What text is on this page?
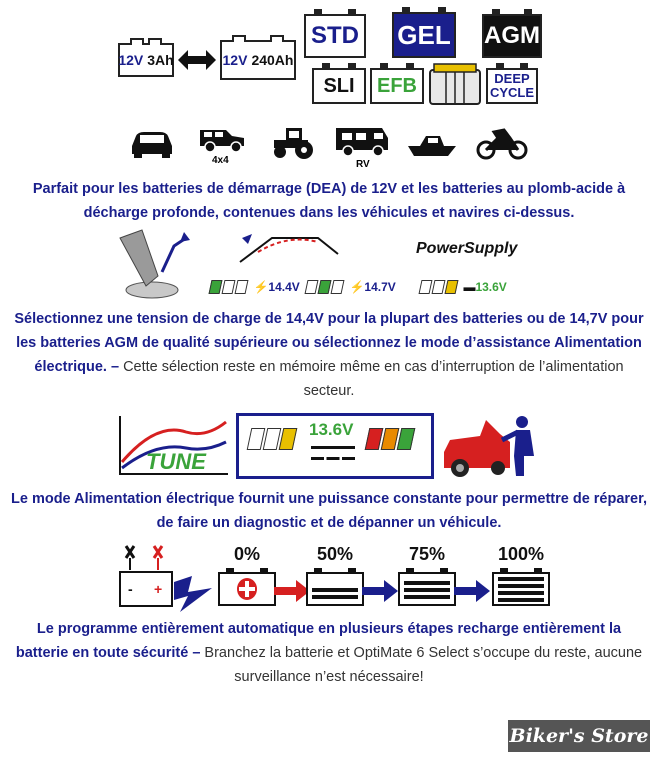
12V 3Ah	12V 240Ah
STD GEL AGM
SLI EFB	DEEP
CYCLE
4x4	RV
Parfait pour les batteries de démarrage (DEA) de 12V et les batteries au plomb-acide à décharge profonde, contenues dans les véhicules et navires ci-dessus.
⚡14.4V	⚡14.7V
PowerSupply
▬13.6V
Sélectionnez une tension de charge de 14,4V pour la plupart des batteries ou de 14,7V pour les batteries AGM de qualité supérieure ou sélectionnez le mode d’assistance Alimentation électrique. – Cette sélection reste en mémoire même en cas d’interruption de l’alimentation secteur.
TUNE
13.6V
Le mode Alimentation électrique fournit une puissance constante pour permettre de réparer, de faire un diagnostic et de dépanner un véhicule.
- +
0%	50%	75%	100%
Le programme entièrement automatique en plusieurs étapes recharge entièrement la batterie en toute sécurité – Branchez la batterie et OptiMate 6 Select s’occupe du reste, aucune surveillance n’est nécessaire!
Biker's Store
